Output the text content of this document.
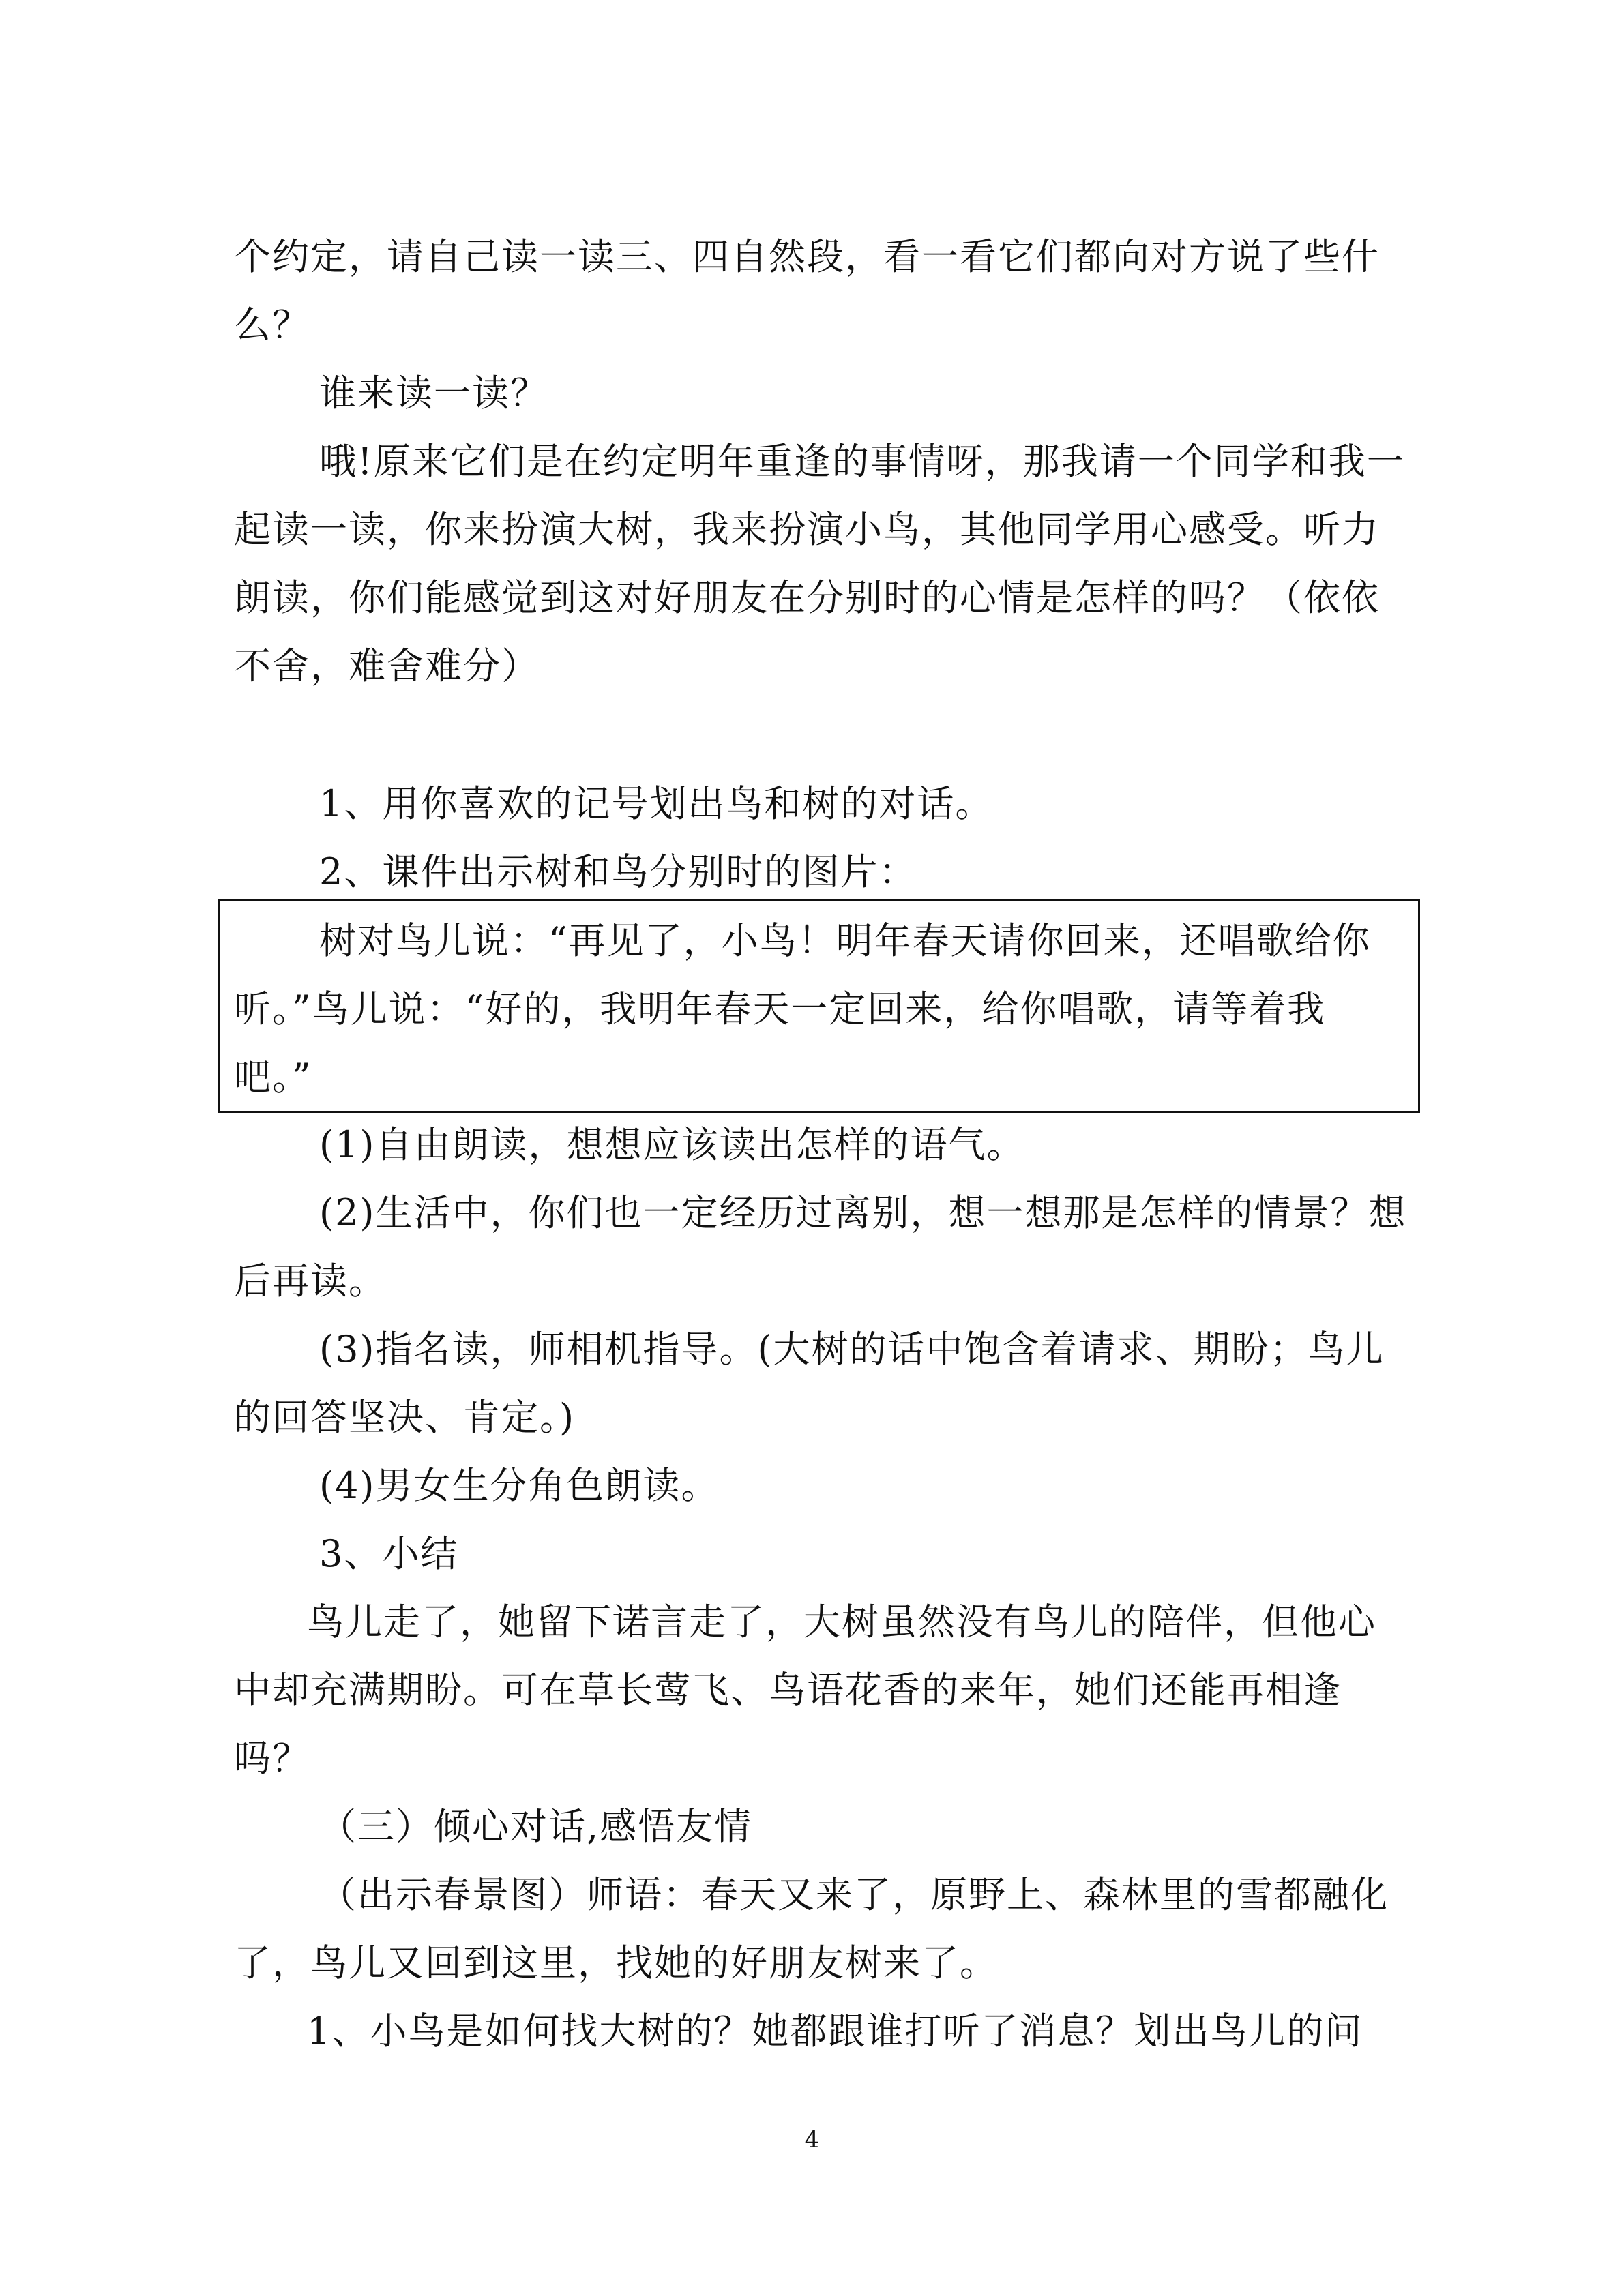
个约定，请自己读一读三、四自然段，看一看它们都向对方说了些什
么？
谁来读一读？
哦!原来它们是在约定明年重逢的事情呀，那我请一个同学和我一
起读一读，你来扮演大树，我来扮演小鸟，其他同学用心感受。听力
朗读，你们能感觉到这对好朋友在分别时的心情是怎样的吗？（依依
不舍，难舍难分）
1、用你喜欢的记号划出鸟和树的对话。
2、课件出示树和鸟分别时的图片：
树对鸟儿说：“再见了，小鸟！明年春天请你回来，还唱歌给你
听。”鸟儿说：“好的，我明年春天一定回来，给你唱歌，请等着我
吧。”
(1)自由朗读，想想应该读出怎样的语气。
(2)生活中，你们也一定经历过离别，想一想那是怎样的情景？想
后再读。
(3)指名读，师相机指导。(大树的话中饱含着请求、期盼；鸟儿
的回答坚决、肯定。)
(4)男女生分角色朗读。
3、小结
鸟儿走了，她留下诺言走了，大树虽然没有鸟儿的陪伴，但他心
中却充满期盼。可在草长莺飞、鸟语花香的来年，她们还能再相逢
吗？
（三）倾心对话,感悟友情
（出示春景图）师语：春天又来了，原野上、森林里的雪都融化
了，鸟儿又回到这里，找她的好朋友树来了。
1、小鸟是如何找大树的？她都跟谁打听了消息？划出鸟儿的问
4
